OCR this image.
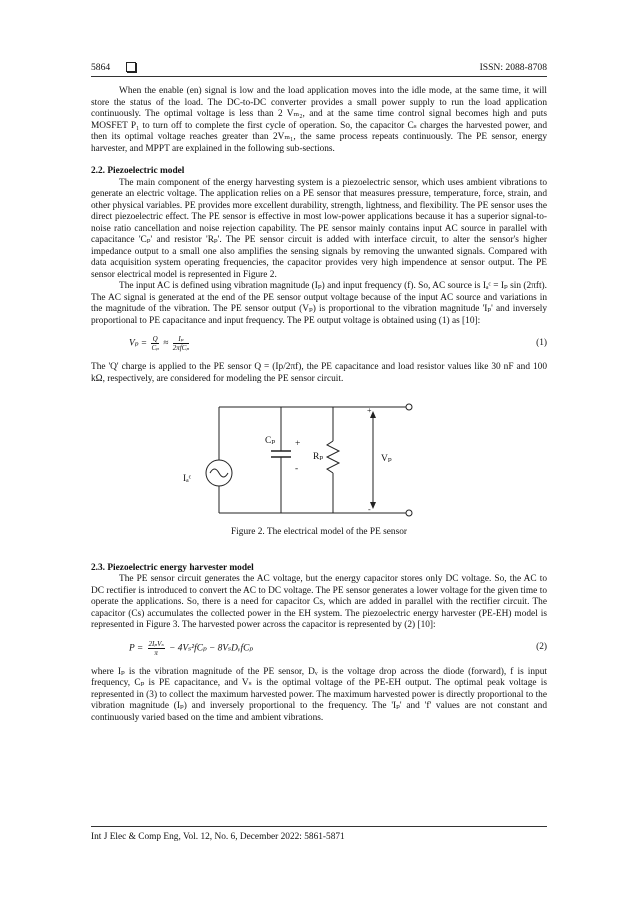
5864	ISSN: 2088-8708

When the enable (en) signal is low and the load application moves into the idle mode, at the same time, it will store the status of the load. The DC-to-DC converter provides a small power supply to run the load application continuously. The optimal voltage is less than 2 Vₘ₂, and at the same time control signal becomes high and puts MOSFET P₁ to turn off to complete the first cycle of operation. So, the capacitor Cₛ charges the harvested power, and then its optimal voltage reaches greater than 2Vₘ₁, the same process repeats continuously. The PE sensor, energy harvester, and MPPT are explained in the following sub-sections.

2.2. Piezoelectric model

The main component of the energy harvesting system is a piezoelectric sensor, which uses ambient vibrations to generate an electric voltage. The application relies on a PE sensor that measures pressure, temperature, force, strain, and other physical variables. PE provides more excellent durability, strength, lightness, and flexibility. The PE sensor uses the direct piezoelectric effect. The PE sensor is effective in most low-power applications because it has a superior signal-to-noise ratio cancellation and noise rejection capability. The PE sensor mainly contains input AC source in parallel with capacitance 'Cₚ' and resistor 'Rₚ'. The PE sensor circuit is added with interface circuit, to alter the sensor's higher impedance output to a small one also amplifies the sensing signals by removing the unwanted signals. Compared with data acquisition system operating frequencies, the capacitor provides very high impendence at sensor output. The PE sensor electrical model is represented in Figure 2.

The input AC is defined using vibration magnitude (Iₚ) and input frequency (f). So, AC source is Iₐᶜ = Iₚ sin (2πft). The AC signal is generated at the end of the PE sensor output voltage because of the input AC source and variations in the magnitude of the vibration. The PE sensor output (Vₚ) is proportional to the vibration magnitude 'Iₚ' and inversely proportional to PE capacitance and input frequency. The PE output voltage is obtained using (1) as [10]:

$V_p = \frac{Q}{\text{Cₚ}} \approx \frac{\text{Iₚ}}{\text{2πfCₚ}}$	(1)

The 'Q' charge is applied to the PE sensor Q = (Ip/2πf), the PE capacitance and load resistor values like 30 nF and 100 kΩ, respectively, are considered for modeling the PE sensor circuit.

Iₐᶜ
Cₚ +
-
Rₚ	Vₚ
+
-

Figure 2. The electrical model of the PE sensor

2.3. Piezoelectric energy harvester model

The PE sensor circuit generates the AC voltage, but the energy capacitor stores only DC voltage. So, the AC to DC rectifier is introduced to convert the AC to DC voltage. The PE sensor generates a lower voltage for the given time to operate the applications. So, there is a need for capacitor Cs, which are added in parallel with the rectifier circuit. The capacitor (Cs) accumulates the collected power in the EH system. The piezoelectric energy harvester (PE-EH) model is represented in Figure 3. The harvested power across the capacitor is represented by (2) [10]:

$P = \frac{\text{2IₚVₛ}}{\pi} - 4V_s^2fC_p$ − 8VₛDᵥfCₚ	(2)

where Iₚ is the vibration magnitude of the PE sensor, Dᵥ is the voltage drop across the diode (forward), f is input frequency, Cₚ is PE capacitance, and Vₛ is the optimal voltage of the PE-EH output. The optimal peak voltage is represented in (3) to collect the maximum harvested power. The maximum harvested power is directly proportional to the vibration magnitude (Iₚ) and inversely proportional to the frequency. The 'Iₚ' and 'f' values are not constant and continuously varied based on the time and ambient vibrations.

Int J Elec & Comp Eng, Vol. 12, No. 6, December 2022: 5861-5871
